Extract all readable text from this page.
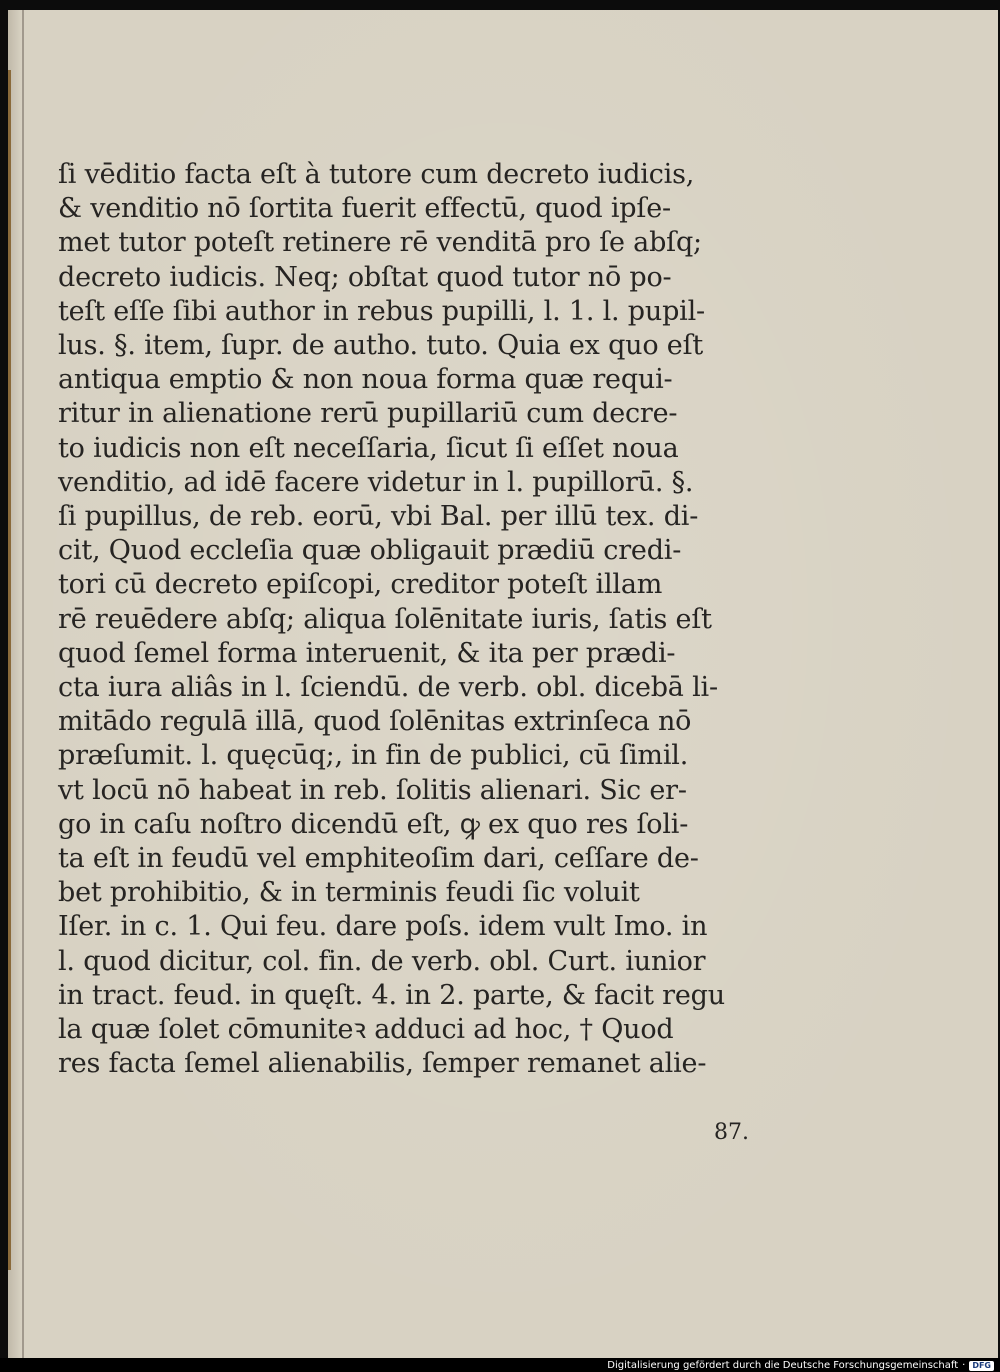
ſi vēditio facta eſt à tutore cum decreto iudicis,
& venditio nō ſortita fuerit effectū, quod ipſe-
met tutor poteſt retinere rē venditā pro ſe abſq;
decreto iudicis. Neq; obſtat quod tutor nō po-
teſt eſſe ſibi author in rebus pupilli, l. 1. l. pupil-
lus. §. item, ſupr. de autho. tuto. Quia ex quo eſt
antiqua emptio & non noua forma quæ requi-
ritur in alienatione rerū pupillariū cum decre-
to iudicis non eſt neceſſaria, ſicut ſi eſſet noua
venditio, ad idē facere videtur in l. pupillorū. §.
ſi pupillus, de reb. eorū, vbi Bal. per illū tex. di-
cit, Quod eccleſia quæ obligauit prædiū credi-
tori cū decreto epiſcopi, creditor poteſt illam
rē reuēdere abſq; aliqua ſolēnitate iuris, ſatis eſt
quod ſemel forma interuenit, & ita per prædi-
cta iura aliâs in l. ſciendū. de verb. obl. dicebā li-
mitādo regulā illā, quod ſolēnitas extrinſeca nō
præſumit. l. quęcūq;, in fin de publici, cū ſimil.
vt locū nō habeat in reb. ſolitis alienari. Sic er-
go in caſu noſtro dicendū eſt, ꝙ ex quo res ſoli-
ta eſt in feudū vel emphiteoſim dari, ceſſare de-
bet prohibitio, & in terminis feudi ſic voluit
Iſer. in c. 1. Qui feu. dare poſs. idem vult Imo. in
l. quod dicitur, col. fin. de verb. obl. Curt. iunior
in tract. feud. in quęſt. 4. in 2. parte, & facit regu
la quæ ſolet cōmuniteꝛ adduci ad hoc, † Quod
res facta ſemel alienabilis, ſemper remanet alie-
87.
Digitalisierung gefördert durch die Deutsche Forschungsgemeinschaft · DFG
